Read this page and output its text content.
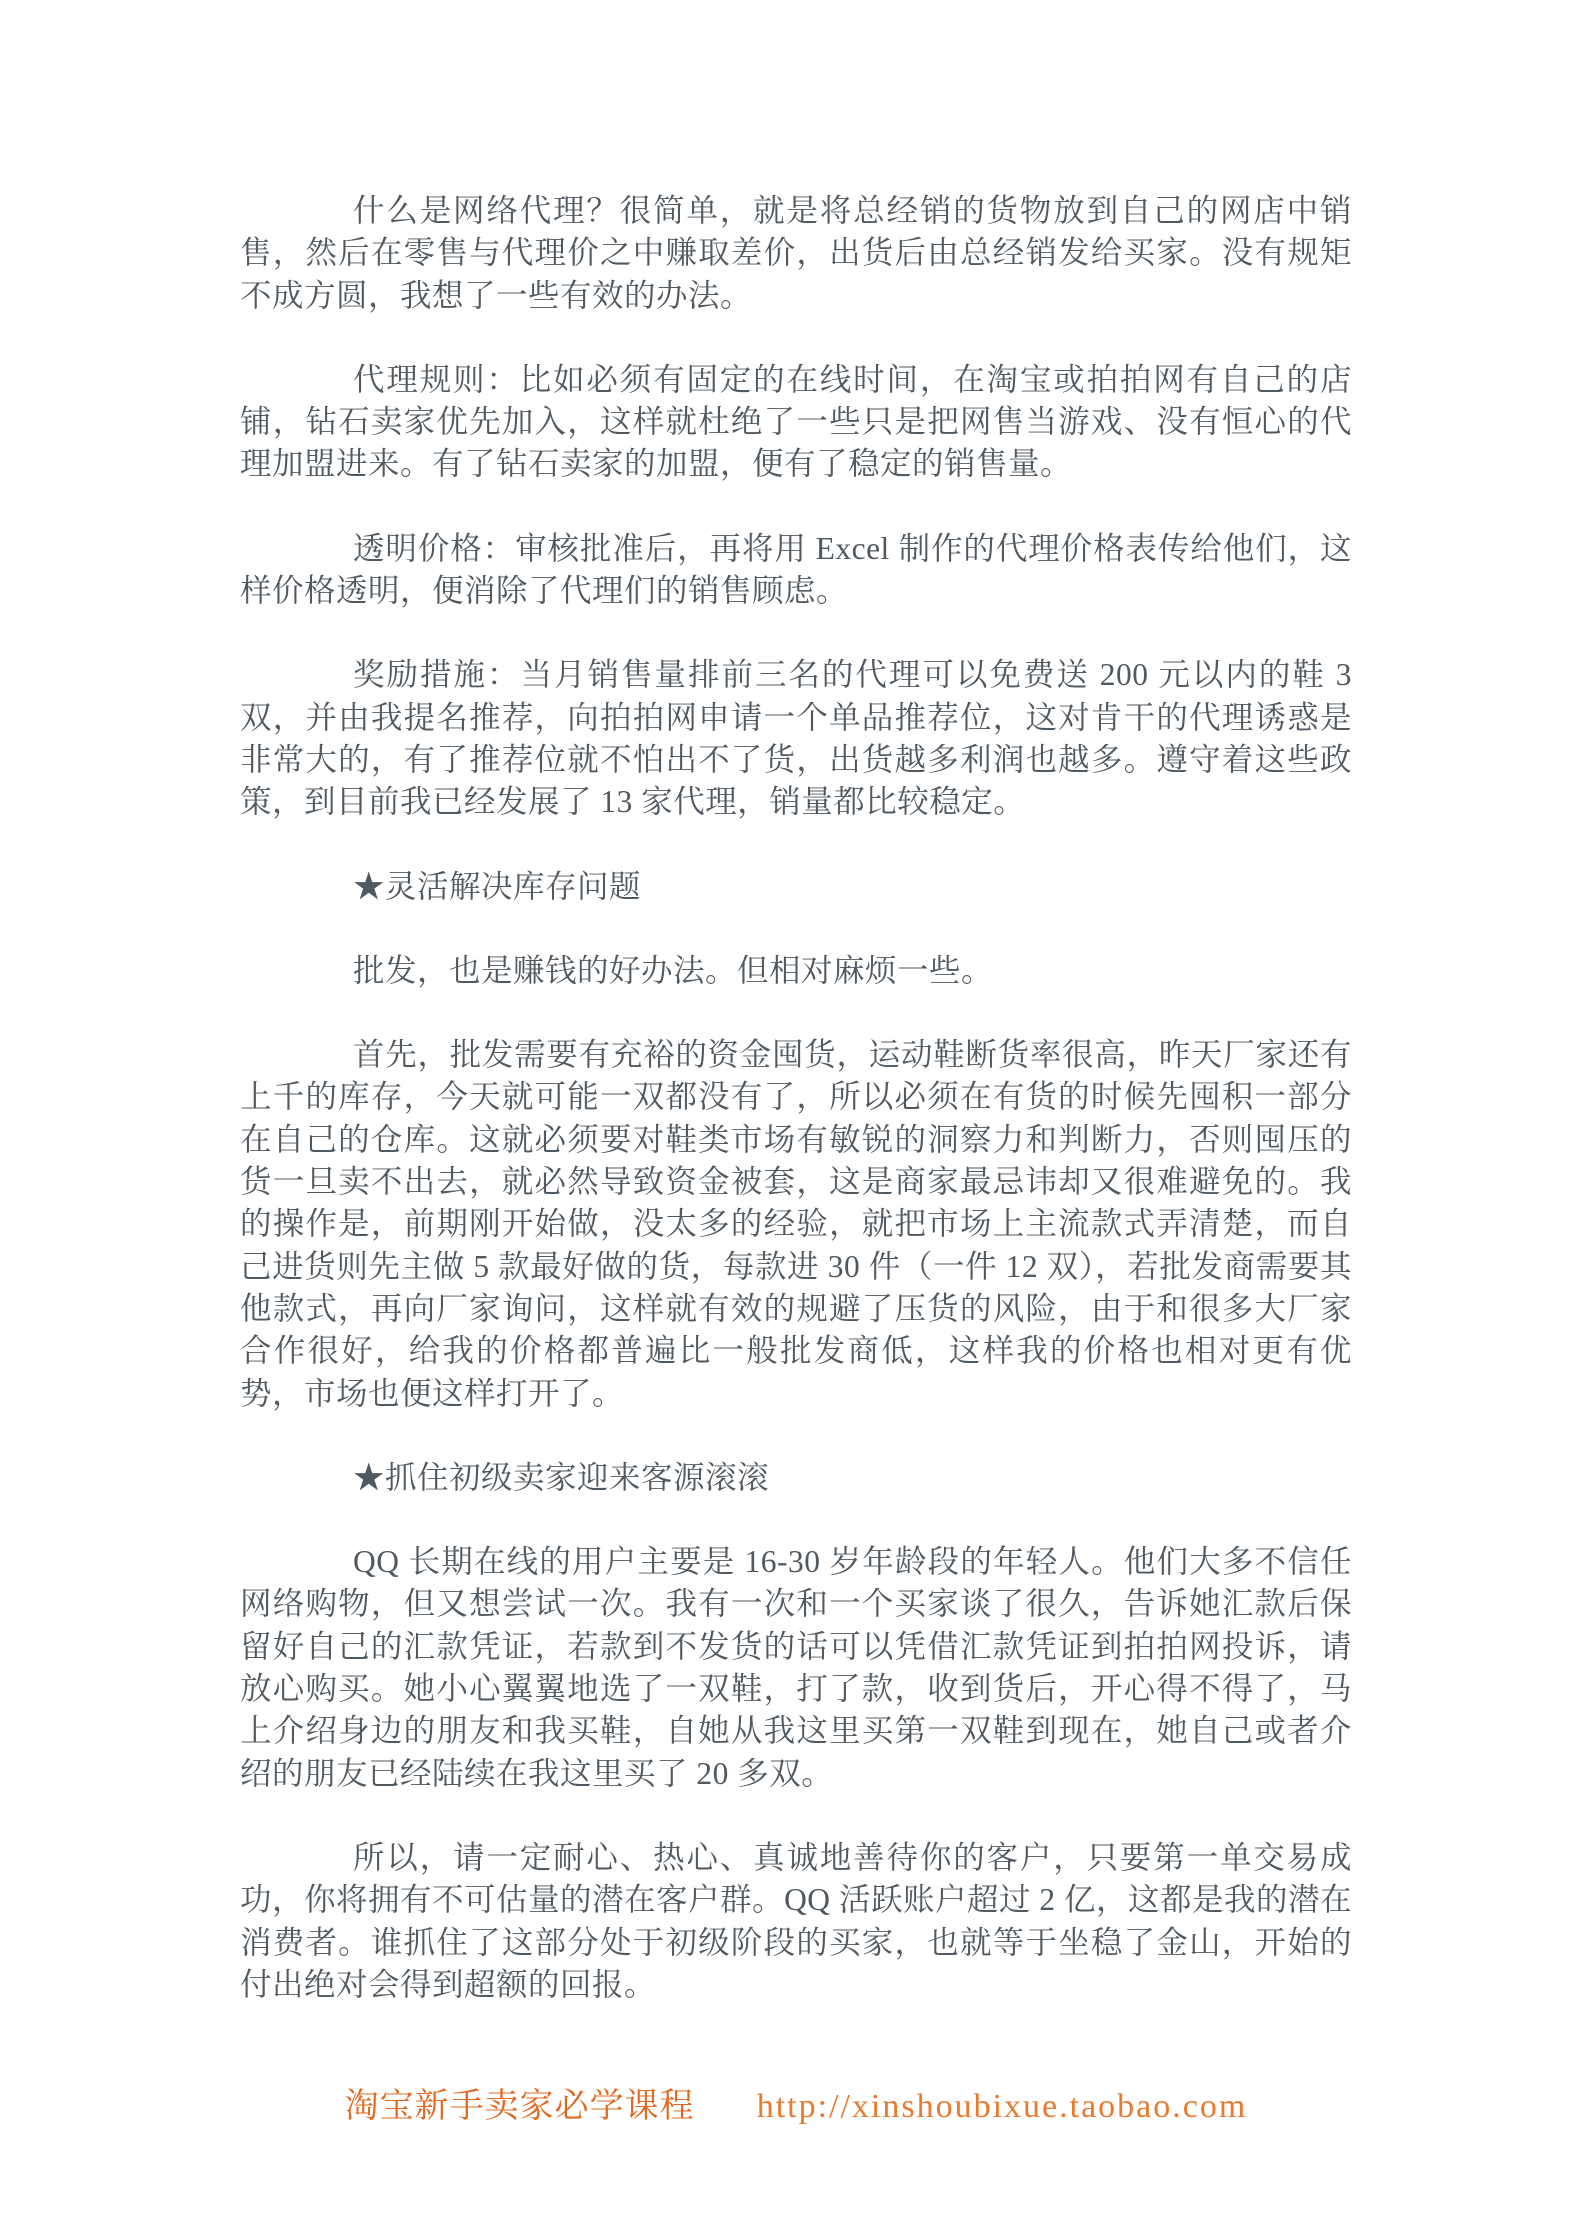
什么是网络代理？很简单，就是将总经销的货物放到自己的网店中销售，然后在零售与代理价之中赚取差价，出货后由总经销发给买家。没有规矩不成方圆，我想了一些有效的办法。

代理规则：比如必须有固定的在线时间，在淘宝或拍拍网有自己的店铺，钻石卖家优先加入，这样就杜绝了一些只是把网售当游戏、没有恒心的代理加盟进来。有了钻石卖家的加盟，便有了稳定的销售量。

透明价格：审核批准后，再将用 Excel 制作的代理价格表传给他们，这样价格透明，便消除了代理们的销售顾虑。

奖励措施：当月销售量排前三名的代理可以免费送 200 元以内的鞋 3 双，并由我提名推荐，向拍拍网申请一个单品推荐位，这对肯干的代理诱惑是非常大的，有了推荐位就不怕出不了货，出货越多利润也越多。遵守着这些政策，到目前我已经发展了 13 家代理，销量都比较稳定。

★灵活解决库存问题

批发，也是赚钱的好办法。但相对麻烦一些。

首先，批发需要有充裕的资金囤货，运动鞋断货率很高，昨天厂家还有上千的库存，今天就可能一双都没有了，所以必须在有货的时候先囤积一部分在自己的仓库。这就必须要对鞋类市场有敏锐的洞察力和判断力，否则囤压的货一旦卖不出去，就必然导致资金被套，这是商家最忌讳却又很难避免的。我的操作是，前期刚开始做，没太多的经验，就把市场上主流款式弄清楚，而自己进货则先主做 5 款最好做的货，每款进 30 件（一件 12 双），若批发商需要其他款式，再向厂家询问，这样就有效的规避了压货的风险，由于和很多大厂家合作很好，给我的价格都普遍比一般批发商低，这样我的价格也相对更有优势，市场也便这样打开了。

★抓住初级卖家迎来客源滚滚

QQ 长期在线的用户主要是 16-30 岁年龄段的年轻人。他们大多不信任网络购物，但又想尝试一次。我有一次和一个买家谈了很久，告诉她汇款后保留好自己的汇款凭证，若款到不发货的话可以凭借汇款凭证到拍拍网投诉，请放心购买。她小心翼翼地选了一双鞋，打了款，收到货后，开心得不得了，马上介绍身边的朋友和我买鞋，自她从我这里买第一双鞋到现在，她自己或者介绍的朋友已经陆续在我这里买了 20 多双。

所以，请一定耐心、热心、真诚地善待你的客户，只要第一单交易成功，你将拥有不可估量的潜在客户群。QQ 活跃账户超过 2 亿，这都是我的潜在消费者。谁抓住了这部分处于初级阶段的买家，也就等于坐稳了金山，开始的付出绝对会得到超额的回报。

淘宝新手卖家必学课程 http://xinshoubixue.taobao.com
